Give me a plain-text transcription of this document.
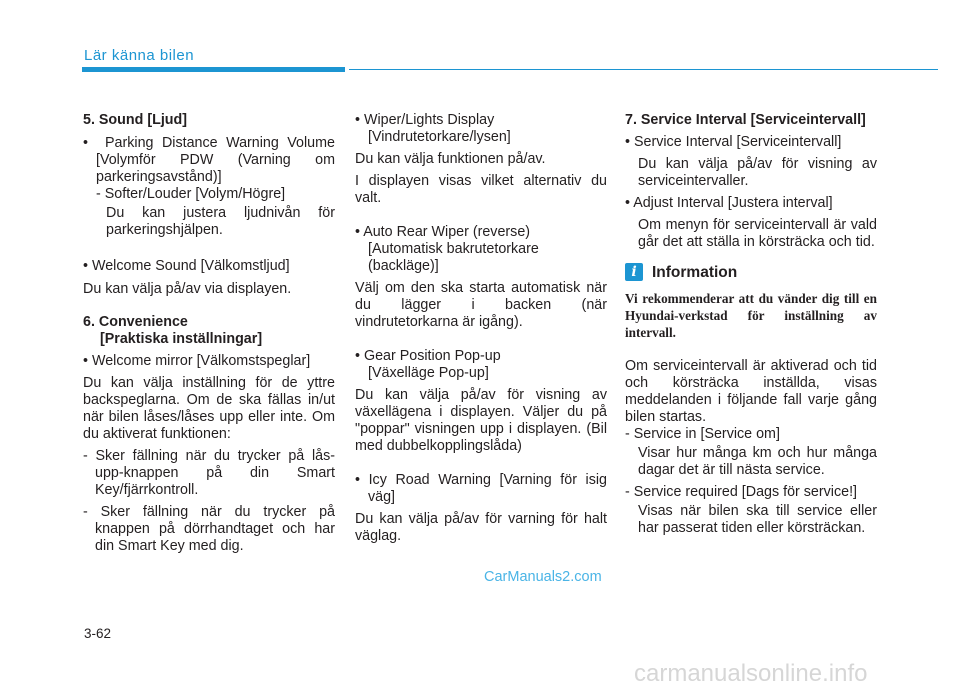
Lär känna bilen

5. Sound [Ljud]

• Parking Distance Warning Volume [Volymför PDW (Varning om parkeringsavstånd)]

- Softer/Louder [Volym/Högre]

Du kan justera ljudnivån för parkeringshjälpen.

• Welcome Sound [Välkomstljud]

Du kan välja på/av via displayen.

6. Convenience

[Praktiska inställningar]

• Welcome mirror [Välkomstspeglar]

Du kan välja inställning för de yttre backspeglarna. Om de ska fällas in/ut när bilen låses/låses upp eller inte. Om du aktiverat funktionen:

- Sker fällning när du trycker på lås-upp-knappen på din Smart Key/fjärrkontroll.

- Sker fällning när du trycker på knappen på dörrhandtaget och har din Smart Key med dig.

• Wiper/Lights Display

[Vindrutetorkare/lysen]

Du kan välja funktionen på/av.

I displayen visas vilket alternativ du valt.

• Auto Rear Wiper (reverse)

[Automatisk bakrutetorkare (backläge)]

Välj om den ska starta automatisk när du lägger i backen (när vindrutetorkarna är igång).

• Gear Position Pop-up

[Växelläge Pop-up]

Du kan välja på/av för visning av växellägena i displayen. Väljer du på "poppar" visningen upp i displayen. (Bil med dubbelkopplingslåda)

• Icy Road Warning [Varning för isig väg]

Du kan välja på/av för varning för halt väglag.

7. Service Interval [Serviceintervall]

• Service Interval [Serviceintervall]

Du kan välja på/av för visning av serviceintervaller.

• Adjust Interval [Justera interval]

Om menyn för serviceintervall är vald går det att ställa in körsträcka och tid.

i Information

Vi rekommenderar att du vänder dig till en Hyundai-verkstad för inställning av intervall.

Om serviceintervall är aktiverad och tid och körsträcka inställda, visas meddelanden i följande fall varje gång bilen startas.

- Service in [Service om]

Visar hur många km och hur många dagar det är till nästa service.

- Service required [Dags för service!]

Visas när bilen ska till service eller har passerat tiden eller körsträckan.

CarManuals2.com
3-62
carmanualsonline.info
